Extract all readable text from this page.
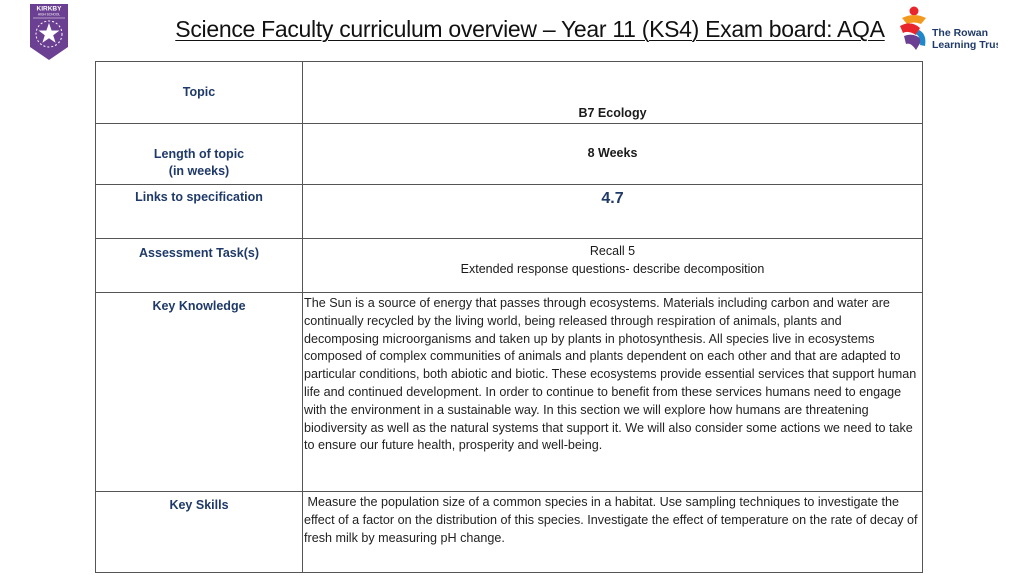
KIRKBY
HIGH SCHOOL
Science Faculty curriculum overview – Year 11 (KS4) Exam board: AQA	The Rowan
Learning Trust
Topic	B7 Ecology

Length of topic
(in weeks)	8 Weeks

Links to specification	4.7

Assessment Task(s)	Recall 5
Extended response questions- describe decomposition

Key Knowledge	The Sun is a source of energy that passes through ecosystems. Materials including carbon and water are continually recycled by the living world, being released through respiration of animals, plants and decomposing microorganisms and taken up by plants in photosynthesis. All species live in ecosystems composed of complex communities of animals and plants dependent on each other and that are adapted to particular conditions, both abiotic and biotic. These ecosystems provide essential services that support human life and continued development. In order to continue to benefit from these services humans need to engage with the environment in a sustainable way. In this section we will explore how humans are threatening biodiversity as well as the natural systems that support it. We will also consider some actions we need to take to ensure our future health, prosperity and well-being.

Key Skills	Measure the population size of a common species in a habitat. Use sampling techniques to investigate the effect of a factor on the distribution of this species. Investigate the effect of temperature on the rate of decay of fresh milk by measuring pH change.
